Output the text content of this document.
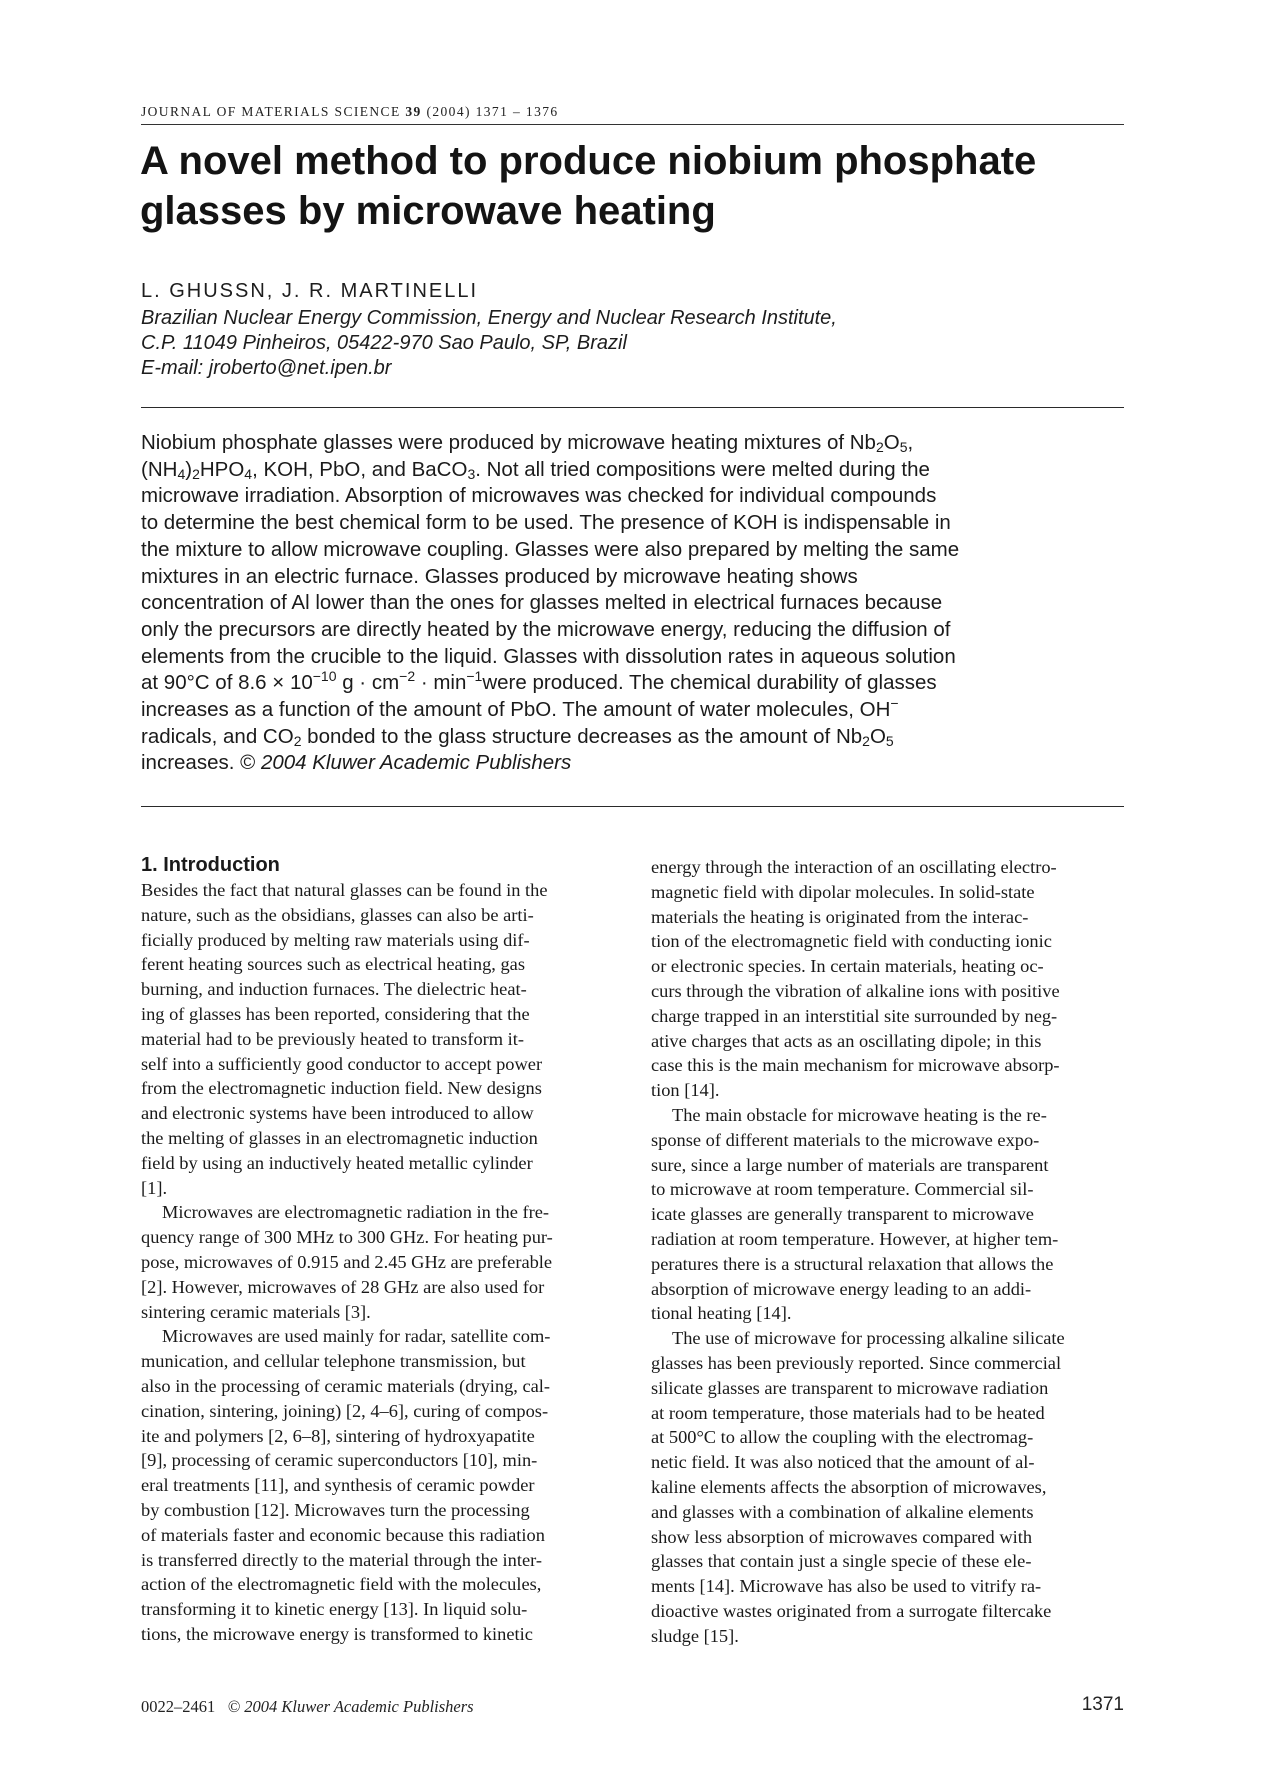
JOURNAL OF MATERIALS SCIENCE 39 (2004) 1371 – 1376
A novel method to produce niobium phosphate
glasses by microwave heating
L. GHUSSN, J. R. MARTINELLI
Brazilian Nuclear Energy Commission, Energy and Nuclear Research Institute,
C.P. 11049 Pinheiros, 05422-970 Sao Paulo, SP, Brazil
E-mail: jroberto@net.ipen.br
Niobium phosphate glasses were produced by microwave heating mixtures of $Nb_2O_5$,
$(NH_4)_2HPO_4$, KOH, PbO, and BaCO$_3$. Not all tried compositions were melted during the
microwave irradiation. Absorption of microwaves was checked for individual compounds
to determine the best chemical form to be used. The presence of KOH is indispensable in
the mixture to allow microwave coupling. Glasses were also prepared by melting the same
mixtures in an electric furnace. Glasses produced by microwave heating shows
concentration of Al lower than the ones for glasses melted in electrical furnaces because
only the precursors are directly heated by the microwave energy, reducing the diffusion of
elements from the crucible to the liquid. Glasses with dissolution rates in aqueous solution
at 90°C of $8.6 \times 10^{-10}$ $g \cdot cm^{-2}$ · $\min^{-1}were$ produced. The chemical durability of glasses
increases as a function of the amount of PbO. The amount of water molecules, OH−
radicals, and $CO_2$ bonded to the glass structure decreases as the amount of $Nb_2O_5$
increases. © 2004 Kluwer Academic Publishers
1. Introduction
Besides the fact that natural glasses can be found in the
nature, such as the obsidians, glasses can also be arti-
ficially produced by melting raw materials using dif-
ferent heating sources such as electrical heating, gas
burning, and induction furnaces. The dielectric heat-
ing of glasses has been reported, considering that the
material had to be previously heated to transform it-
self into a sufficiently good conductor to accept power
from the electromagnetic induction field. New designs
and electronic systems have been introduced to allow
the melting of glasses in an electromagnetic induction
field by using an inductively heated metallic cylinder
[1].
Microwaves are electromagnetic radiation in the fre-
quency range of 300 MHz to 300 GHz. For heating pur-
pose, microwaves of 0.915 and 2.45 GHz are preferable
[2]. However, microwaves of 28 GHz are also used for
sintering ceramic materials [3].
Microwaves are used mainly for radar, satellite com-
munication, and cellular telephone transmission, but
also in the processing of ceramic materials (drying, cal-
cination, sintering, joining) [2, 4–6], curing of compos-
ite and polymers [2, 6–8], sintering of hydroxyapatite
[9], processing of ceramic superconductors [10], min-
eral treatments [11], and synthesis of ceramic powder
by combustion [12]. Microwaves turn the processing
of materials faster and economic because this radiation
is transferred directly to the material through the inter-
action of the electromagnetic field with the molecules,
transforming it to kinetic energy [13]. In liquid solu-
tions, the microwave energy is transformed to kinetic
energy through the interaction of an oscillating electro-
magnetic field with dipolar molecules. In solid-state
materials the heating is originated from the interac-
tion of the electromagnetic field with conducting ionic
or electronic species. In certain materials, heating oc-
curs through the vibration of alkaline ions with positive
charge trapped in an interstitial site surrounded by neg-
ative charges that acts as an oscillating dipole; in this
case this is the main mechanism for microwave absorp-
tion [14].
The main obstacle for microwave heating is the re-
sponse of different materials to the microwave expo-
sure, since a large number of materials are transparent
to microwave at room temperature. Commercial sil-
icate glasses are generally transparent to microwave
radiation at room temperature. However, at higher tem-
peratures there is a structural relaxation that allows the
absorption of microwave energy leading to an addi-
tional heating [14].
The use of microwave for processing alkaline silicate
glasses has been previously reported. Since commercial
silicate glasses are transparent to microwave radiation
at room temperature, those materials had to be heated
at 500°C to allow the coupling with the electromag-
netic field. It was also noticed that the amount of al-
kaline elements affects the absorption of microwaves,
and glasses with a combination of alkaline elements
show less absorption of microwaves compared with
glasses that contain just a single specie of these ele-
ments [14]. Microwave has also be used to vitrify ra-
dioactive wastes originated from a surrogate filtercake
sludge [15].
0022–2461 © 2004 Kluwer Academic Publishers	1371
